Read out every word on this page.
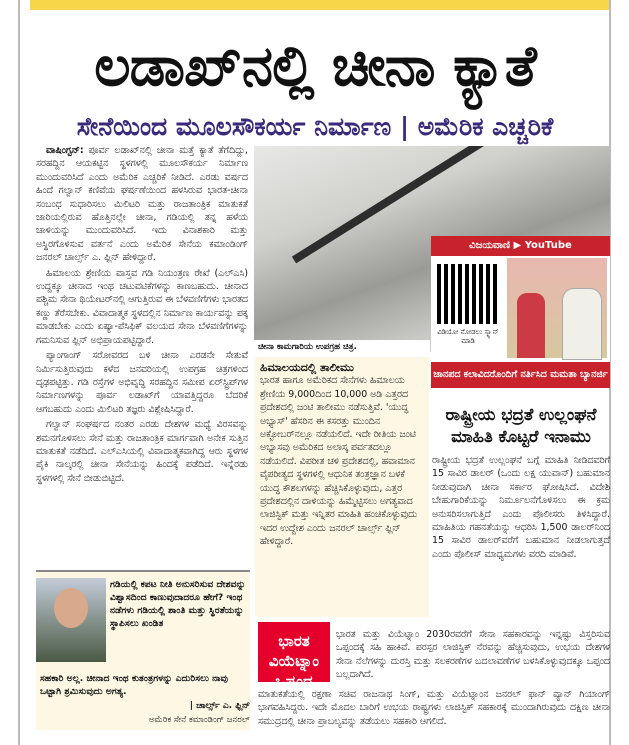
ಲಡಾಖ್‌ನಲ್ಲಿ ಚೀನಾ ಕ್ಯಾತೆ
ಸೇನೆಯಿಂದ ಮೂಲಸೌಕರ್ಯ ನಿರ್ಮಾಣ | ಅಮೆರಿಕ ಎಚ್ಚರಿಕೆ

ವಾಷಿಂಗ್ಟನ್: ಪೂರ್ವ ಲಡಾಖ್‌ನಲ್ಲಿ ಚೀನಾ ಮತ್ತೆ ಕ್ಯಾತೆ ತೆಗೆದಿದ್ದು, ಸರಹದ್ದಿನ ಆಯಕಟ್ಟಿನ ಸ್ಥಳಗಳಲ್ಲಿ ಮೂಲಸೌಕರ್ಯ ನಿರ್ಮಾಣ ಮುಂದುವರಿಸಿದೆ ಎಂದು ಅಮೆರಿಕ ಎಚ್ಚರಿಕೆ ನೀಡಿದೆ. ಎರಡು ವರ್ಷದ ಹಿಂದೆ ಗಲ್ವಾನ್ ಕಣಿವೆಯ ಘರ್ಷಣೆಯಿಂದ ಹಳಸಿರುವ ಭಾರತ-ಚೀನಾ ಸಂಬಂಧ ಸುಧಾರಿಸಲು ಮಿಲಿಟರಿ ಮತ್ತು ರಾಜತಾಂತ್ರಿಕ ಮಾತುಕತೆ ಜಾರಿಯಲ್ಲಿರುವ ಹೊತ್ತಿನಲ್ಲೇ ಚೀನಾ, ಗಡಿಯಲ್ಲಿ ತನ್ನ ಹಳೆಯ ಚಾಳಿಯನ್ನು ಮುಂದುವರಿಸಿದೆ. ಇದು ವಿನಾಶಕಾರಿ ಮತ್ತು ಅಸ್ಥಿರಗೊಳಿಸುವ ವರ್ತನೆ ಎಂದು ಅಮೆರಿಕ ಸೇನೆಯ ಕಮಾಂಡಿಂಗ್ ಜನರಲ್ ಚಾರ್ಲ್ಸ್ ಎ. ಫ್ಲಿನ್ ಹೇಳಿದ್ದಾರೆ.

ಹಿಮಾಲಯ ಶ್ರೇಣಿಯ ವಾಸ್ತವ ಗಡಿ ನಿಯಂತ್ರಣ ರೇಖೆ (ಎಲ್‌ಎಸಿ) ಉದ್ದಕ್ಕೂ ಚೀನಾದ ಇಂಥ ಚಟುವಟಿಕೆಗಳನ್ನು ಕಾಣಬಹುದು. ಚೀನಾದ ಪಶ್ಚಿಮ ಸೇನಾ ಥಿಯೇಟರ್‌ನಲ್ಲಿ ಆಗುತ್ತಿರುವ ಈ ಬೆಳವಣಿಗೆಗಳು ಭಾರತದ ಕಣ್ಣು ತೆರೆಸಬೇಕು. ವಿವಾದಾತ್ಮಕ ಸ್ಥಳದಲ್ಲಿನ ನಿರ್ಮಾಣ ಕಾರ್ಯವನ್ನು ಪಕ್ಕ ಮಾಡಬೇಕು ಎಂದು ಏಷ್ಯಾ-ಪೆಸಿಫಿಕ್ ವಲಯದ ಸೇನಾ ಬೆಳವಣಿಗೆಗಳನ್ನು ಗಮನಿಸುವ ಫ್ಲಿನ್ ಅಭಿಪ್ರಾಯಪಟ್ಟಿದ್ದಾರೆ.

ಪ್ಯಾಂಗಾಂಗ್ ಸರೋವರದ ಬಳಿ ಚೀನಾ ಎರಡನೇ ಸೇತುವೆ ನಿರ್ಮಿಸುತ್ತಿರುವುದು ಕಳೆದ ಜನವರಿಯಲ್ಲಿ ಉಪಗ್ರಹ ಚಿತ್ರಗಳಿಂದ ದೃಢಪಟ್ಟಿತ್ತು. ಗಡಿ ರಸ್ತೆಗಳ ಅಭಿವೃದ್ಧಿ ಸರಹದ್ದಿನ ಸಮೀಪ ಏರ್‌ಸ್ಟ್ರಿಪ್‌ಗಳ ನಿರ್ಮಾಣಗಳನ್ನು ಪೂರ್ವ ಲಡಾಖ್‌ಗೆ ಯಾವತ್ತಿದ್ದರೂ ಬೆದರಿಕೆ ಆಗಬಹುದು ಎಂದು ಮಿಲಿಟರಿ ತಜ್ಞರು ವಿಶ್ಲೇಷಿಸಿದ್ದಾರೆ.

ಗಲ್ವಾನ್ ಸಂಘರ್ಷದ ನಂತರ ಎರಡು ದೇಶಗಳ ಮಧ್ಯೆ ವಿರಸವನ್ನು ಶಮನಗೊಳಿಸಲು ಸೇನೆ ಮತ್ತು ರಾಜತಾಂತ್ರಿಕ ಮಾರ್ಗವಾಗಿ ಅನೇಕ ಸುತ್ತಿನ ಮಾತುಕತೆ ನಡೆದಿದೆ. ಎಲ್‌ಎಸಿಯಲ್ಲಿ ವಿವಾದಾತ್ಮಕವಾಗಿದ್ದ ಆರು ಸ್ಥಳಗಳ ಪೈಕಿ ನಾಲ್ಕರಲ್ಲಿ ಚೀನಾ ಸೇನೆಯನ್ನು ಹಿಂದಕ್ಕೆ ಪಡೆದಿದೆ. ಇನ್ನೆರಡು ಸ್ಥಳಗಳಲ್ಲಿ ಸೇನೆ ಬೀಡುಬಿಟ್ಟಿದೆ.

ಚೀನಾ ಕಾಮಗಾರಿಯ ಉಪಗ್ರಹ ಚಿತ್ರ.
ವಿಜಯವಾಣಿ ▶ YouTube
ವಿಡಿಯೋ ನೋಡಲು ಸ್ಕ್ಯಾನ್ ಮಾಡಿ
ಜಾನಪದ ಕಲಾವಿದರೊಂದಿಗೆ ನರ್ತಿಸಿದ ಮಮತಾ ಬ್ಯಾನರ್ಜಿ
ಹಿಮಾಲಯದಲ್ಲಿ ತಾಲೀಮು
ಭಾರತ ಹಾಗೂ ಅಮೆರಿಕದ ಸೇನೆಗಳು ಹಿಮಾಲಯ ಶ್ರೇಣಿಯ 9,000ದಿಂದ 10,000 ಅಡಿ ಎತ್ತರದ ಪ್ರದೇಶದಲ್ಲಿ ಜಂಟಿ ತಾಲೀಮು ನಡೆಸುತ್ತಿವೆ. 'ಯುದ್ಧ ಅಭ್ಯಾಸ್' ಹೆಸರಿನ ಈ ಕಸರತ್ತು ಮುಂದಿನ ಅಕ್ಟೋಬರ್‌ನಲ್ಲೂ ನಡೆಯಲಿದೆ. ಇದೇ ರೀತಿಯ ಜಂಟಿ ಅಭ್ಯಾಸವು ಅಮೆರಿಕದ ಅಲಾಸ್ಕ ಪರ್ವತದಲ್ಲೂ ನಡೆಯಲಿದೆ. ವಿಪರೀತ ಚಳಿ ಪ್ರದೇಶದಲ್ಲಿ, ಹವಾಮಾನ ವೈಪರೀತ್ಯದ ಸ್ಥಳಗಳಲ್ಲಿ ಆಧುನಿಕ ತಂತ್ರಜ್ಞಾನ ಬಳಕೆ ಯುದ್ಧ ಕೌಶಲಗಳನ್ನು ಹೆಚ್ಚಿಸಿಕೊಳ್ಳುವುದು, ಎತ್ತರ ಪ್ರದೇಶದಲ್ಲಿನ ದಾಳಿಯನ್ನು ಹಿಮ್ಮೆಟ್ಟಿಸಲು ಅಗತ್ಯವಾದ ಲಾಜಿಸ್ಟಿಕ್ ಮತ್ತು ಇನ್ನಿತರ ಮಾಹಿತಿ ಹಂಚಿಕೊಳ್ಳುವುದು ಇದರ ಉದ್ದೇಶ ಎಂದು ಜನರಲ್ ಚಾರ್ಲ್ಸ್ ಫ್ಲಿನ್ ಹೇಳಿದ್ದಾರೆ.
ರಾಷ್ಟ್ರೀಯ ಭದ್ರತೆ ಉಲ್ಲಂಘನೆ ಮಾಹಿತಿ ಕೊಟ್ಟರೆ ಇನಾಮು
ರಾಷ್ಟ್ರೀಯ ಭದ್ರತೆ ಉಲ್ಲಂಘನೆ ಬಗ್ಗೆ ಮಾಹಿತಿ ನೀಡಿದವರಿಗೆ 15 ಸಾವಿರ ಡಾಲರ್ (ಒಂದು ಲಕ್ಷ ಯುವಾನ್) ಬಹುಮಾನ ನೀಡುವುದಾಗಿ ಚೀನಾ ಸರ್ಕಾರ ಘೋಷಿಸಿದೆ. ವಿದೇಶಿ ಬೇಹುಗಾರಿಕೆಯನ್ನು ನಿರ್ಮೂಲನೆಗೊಳಿಸಲು ಈ ಕ್ರಮ ಅನುಸರಿಸಲಾಗುತ್ತಿದೆ ಎಂದು ಪೊಲೀಸರು ತಿಳಿಸಿದ್ದಾರೆ. ಮಾಹಿತಿಯ ಗಹನತೆಯನ್ನು ಆಧರಿಸಿ 1,500 ಡಾಲರ್‌ನಿಂದ 15 ಸಾವಿರ ಡಾಲರ್‌ವರೆಗೆ ಬಹುಮಾನ ನೀಡಲಾಗುತ್ತದೆ ಎಂದು ಪೊಲೀಸ್ ಮಾಧ್ಯಮಗಳು ವರದಿ ಮಾಡಿವೆ.
ಗಡಿಯಲ್ಲಿ ಕಪಟ ನೀತಿ ಅನುಸರಿಸುವ ದೇಶವನ್ನು ವಿಶ್ವಾಸದಿಂದ ಕಾಣುವುದಾದರೂ ಹೇಗೆ? ಇಂಥ ನಡೆಗಳು ಗಡಿಯಲ್ಲಿ ಶಾಂತಿ ಮತ್ತು ಸ್ಥಿರತೆಯನ್ನು ಸ್ಥಾಪಿಸಲು ಖಂಡಿತ
ಸಹಕಾರಿ ಅಲ್ಲ. ಚೀನಾದ ಇಂಥ ಕುತಂತ್ರಗಳನ್ನು ಎದುರಿಸಲು ನಾವು ಒಟ್ಟಾಗಿ ಶ್ರಮಿಸುವುದು ಅಗತ್ಯ.
| ಚಾರ್ಲ್ಸ್ ಎ. ಫ್ಲಿನ್
ಅಮೆರಿಕ ಸೇನೆ ಕಮಾಂಡಿಂಗ್ ಜನರಲ್
ಭಾರತ ವಿಯೆಟ್ನಾಂ ಒಪ್ಪಂದ
ಭಾರತ ಮತ್ತು ವಿಯೆಟ್ನಾಂ 2030ರವರೆಗೆ ಸೇನಾ ಸಹಕಾರವನ್ನು ಇನ್ನಷ್ಟು ವಿಸ್ತರಿಸುವ ಒಪ್ಪಂದಕ್ಕೆ ಸಹಿ ಹಾಕಿವೆ. ಪರಸ್ಪರ ಲಾಜಿಸ್ಟಿಕ್ ನೆರವನ್ನು ಹೆಚ್ಚಿಸುವುದು, ಉಭಯ ದೇಶಗಳ ಸೇನಾ ನೆಲೆಗಳನ್ನು ದುರಸ್ತಿ ಮತ್ತು ಸಲಕರಣೆಗಳ ಬದಲಾವಣೆಗಳ ಬಳಸಿಕೊಳ್ಳುವುದಕ್ಕೂ ಒಪ್ಪಂದ ಬಲ್ಲದಾಗಿದೆ.
ಮಾತುಕತೆಯಲ್ಲಿ ರಕ್ಷಣಾ ಸಚಿವ ರಾಜನಾಥ ಸಿಂಗ್, ಮತ್ತು ವಿಯೆಟ್ನಾಂನ ಜನರಲ್ ಫಾನ್ ವ್ಯಾನ್ ಗಿಯಾಂಗ್ ಭಾಗವಹಿಸಿದ್ದರು. ಇದೇ ಮೊದಲ ಬಾರಿಗೆ ಉಭಯ ರಾಷ್ಟ್ರಗಳು ಲಾಜಿಸ್ಟಿಕ್ ಸಹಕಾರಕ್ಕೆ ಮುಂದಾಗಿರುವುದು ದಕ್ಷಿಣ ಚೀನಾ ಸಮುದ್ರದಲ್ಲಿ ಚೀನಾ ಪ್ರಾಬಲ್ಯವನ್ನು ತಡೆಯಲು ಸಹಕಾರಿ ಆಗಲಿದೆ.
